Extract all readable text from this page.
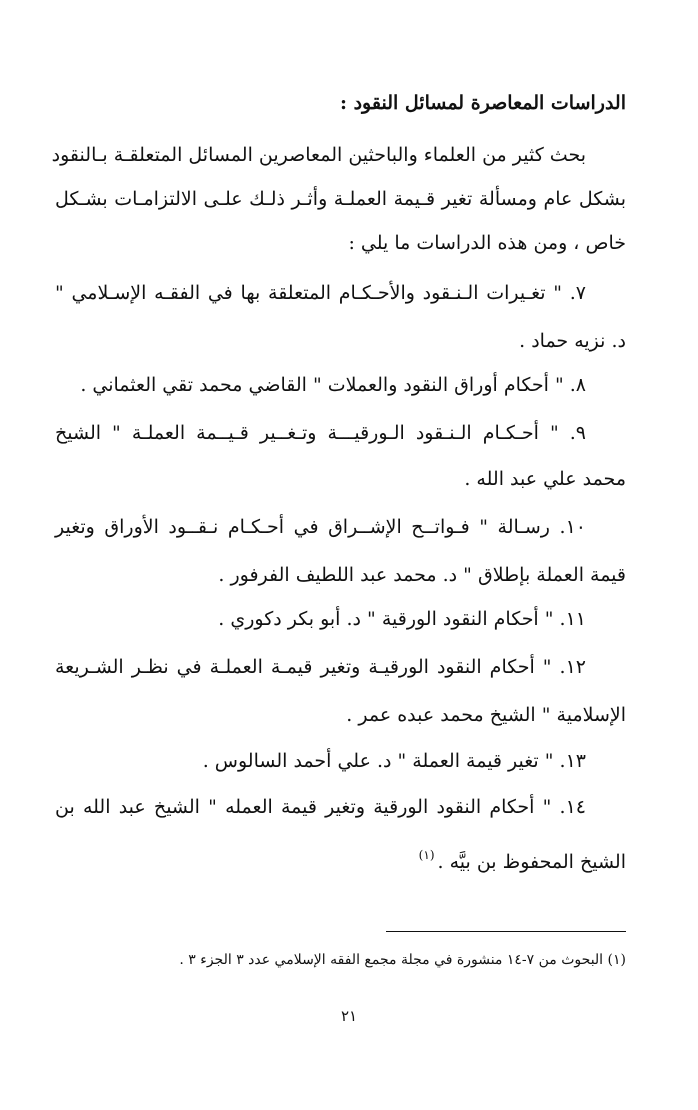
الدراسات المعاصرة لمسائل النقود :
بحث كثير من العلماء والباحثين المعاصرين المسائل المتعلقـة بـالنقود
بشكل عام ومسألة تغير قـيمة العملـة وأثـر ذلـك علـى الالتزامـات بشـكل
خاص ، ومن هذه الدراسات ما يلي :
٧. " تغـيرات الـنـقود والأحـكـام المتعلقة بها في الفقـه الإسـلامي "
د. نزيه حماد .
٨. " أحكام أوراق النقود والعملات " القاضي محمد تقي العثماني .
٩. " أحـكـام الـنـقود الـورقيـــة وتـغــير قـيــمة العملـة " الشيخ
محمد علي عبد الله .
١٠. رسـالة " فـواتــح الإشــراق في أحـكـام نـقــود الأوراق وتغير
قيمة العملة بإطلاق " د. محمد عبد اللطيف الفرفور .
١١. " أحكام النقود الورقية " د. أبو بكر دكوري .
١٢. " أحكام النقود الورقيـة وتغير قيمـة العملـة في نظـر الشـريعة
الإسلامية " الشيخ محمد عبده عمر .
١٣. " تغير قيمة العملة " د. علي أحمد السالوس .
١٤. " أحكام النقود الورقية وتغير قيمة العمله " الشيخ عبد الله بن
الشيخ المحفوظ بن بيَّه .$^{(١)}$
(١) البحوث من ٧-١٤ منشورة في مجلة مجمع الفقه الإسلامي عدد ٣ الجزء ٣ .
٢١
